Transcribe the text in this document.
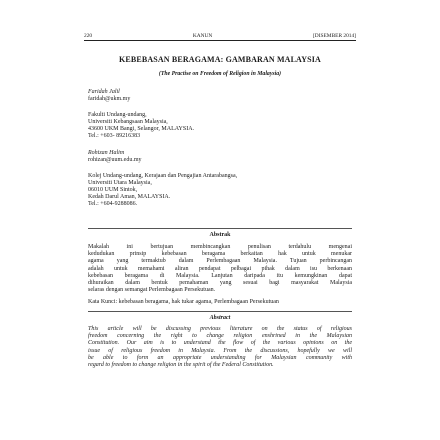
220	KANUN	[DISEMBER 2014]
KEBEBASAN BERAGAMA: GAMBARAN MALAYSIA
(The Practise on Freedom of Religion in Malaysia)
Faridah Jalil
faridah@ukm.my
Fakulti Undang-undang,
Universiti Kebangsaan Malaysia,
43600 UKM Bangi, Selangor, MALAYSIA.
Tel.: +603- 89216383
Rohizan Halim
rohizan@uum.edu.my
Kolej Undang-undang, Kerajaan dan Pengajian Antarabangsa,
Universiti Utara Malaysia,
06010 UUM Sintok,
Kedah Darul Aman, MALAYSIA.
Tel.: +604-9288086.
Abstrak
Makalah ini bertujuan membincangkan penulisan terdahulu mengenai
kedudukan prinsip kebebasan beragama berkaitan hak untuk menukar
agama yang termaktub dalam Perlembagaan Malaysia. Tujuan perbincangan
adalah untuk memahami aliran pendapat pelbagai pihak dalam isu berkenaan
kebebasan beragama di Malaysia. Lanjutan daripada itu kemungkinan dapat
dihuraikan dalam bentuk pemahaman yang sesuai bagi masyarakat Malaysia
selaras dengan semangat Perlembagaan Persekutuan.
Kata Kunci: kebebasan beragama, hak tukar agama, Perlembagaan Persekutuan
Abstract
This article will be discussing previous literature on the status of religious
freedom concerning the right to change religion enshrined in the Malaysian
Constitution. Our aim is to understand the flow of the various opinions on the
issue of religious freedom in Malaysia. From the discussions, hopefully we will
be able to form an appropriate understanding for Malaysian community with
regard to freedom to change religion in the spirit of the Federal Constitution.
